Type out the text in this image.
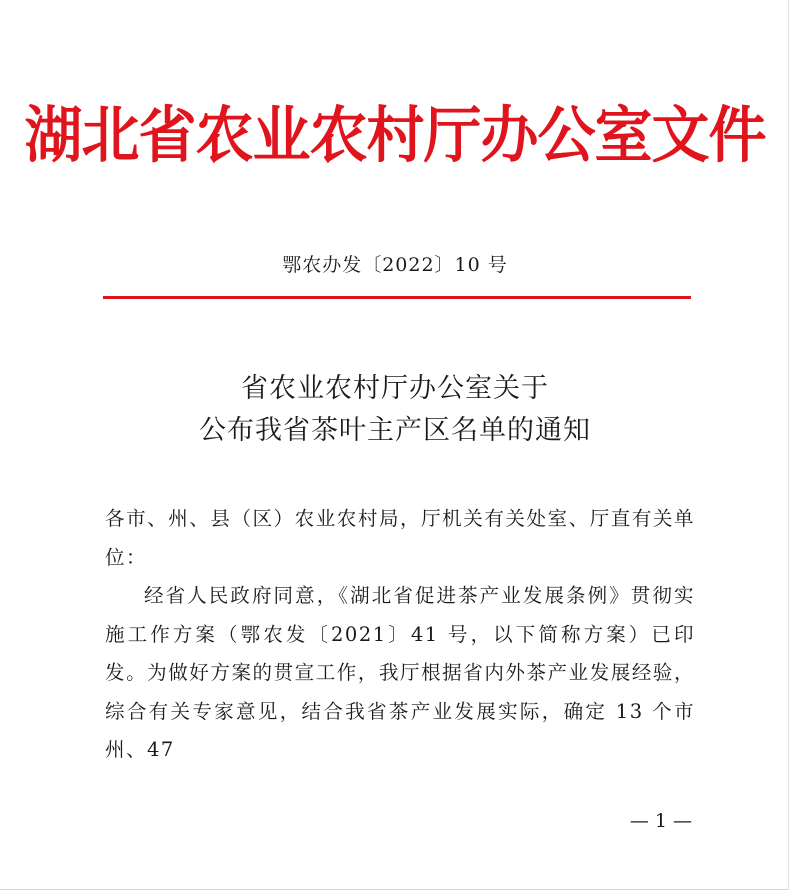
湖北省农业农村厅办公室文件
鄂农办发〔2022〕10 号
省农业农村厅办公室关于
公布我省茶叶主产区名单的通知

各市、州、县（区）农业农村局，厅机关有关处室、厅直有关单位：

经省人民政府同意，《湖北省促进茶产业发展条例》贯彻实施工作方案（鄂农发〔2021〕41 号，以下简称方案）已印发。为做好方案的贯宣工作，我厅根据省内外茶产业发展经验，综合有关专家意见，结合我省茶产业发展实际，确定 13 个市州、47

— 1 —
